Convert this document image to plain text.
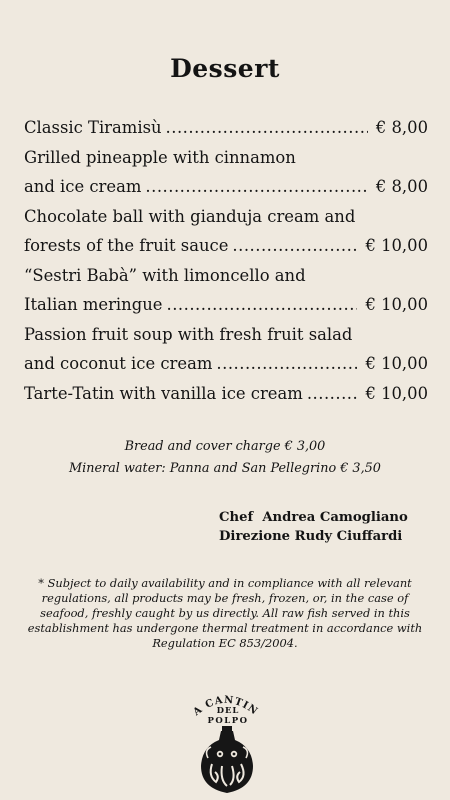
Dessert
Classic Tiramisù .....	€ 8,00
Grilled pineapple with cinnamon
and ice cream .....	€ 8,00
Chocolate ball with gianduja cream and
forests of the fruit sauce .....	€ 10,00
“Sestri Babà” with limoncello and
Italian meringue .....	€ 10,00
Passion fruit soup with fresh fruit salad
and coconut ice cream .....	€ 10,00
Tarte-Tatin with vanilla ice cream .....	€ 10,00
Bread and cover charge € 3,00
Mineral water: Panna and San Pellegrino € 3,50
Chef  Andrea Camogliano
Direzione Rudy Ciuffardi
* Subject to daily availability and in compliance with all relevant regulations, all products may be fresh, frozen, or, in the case of seafood, freshly caught by us directly. All raw fish served in this establishment has undergone thermal treatment in accordance with Regulation EC 853/2004.
A CANTIN
DEL
POLPO
